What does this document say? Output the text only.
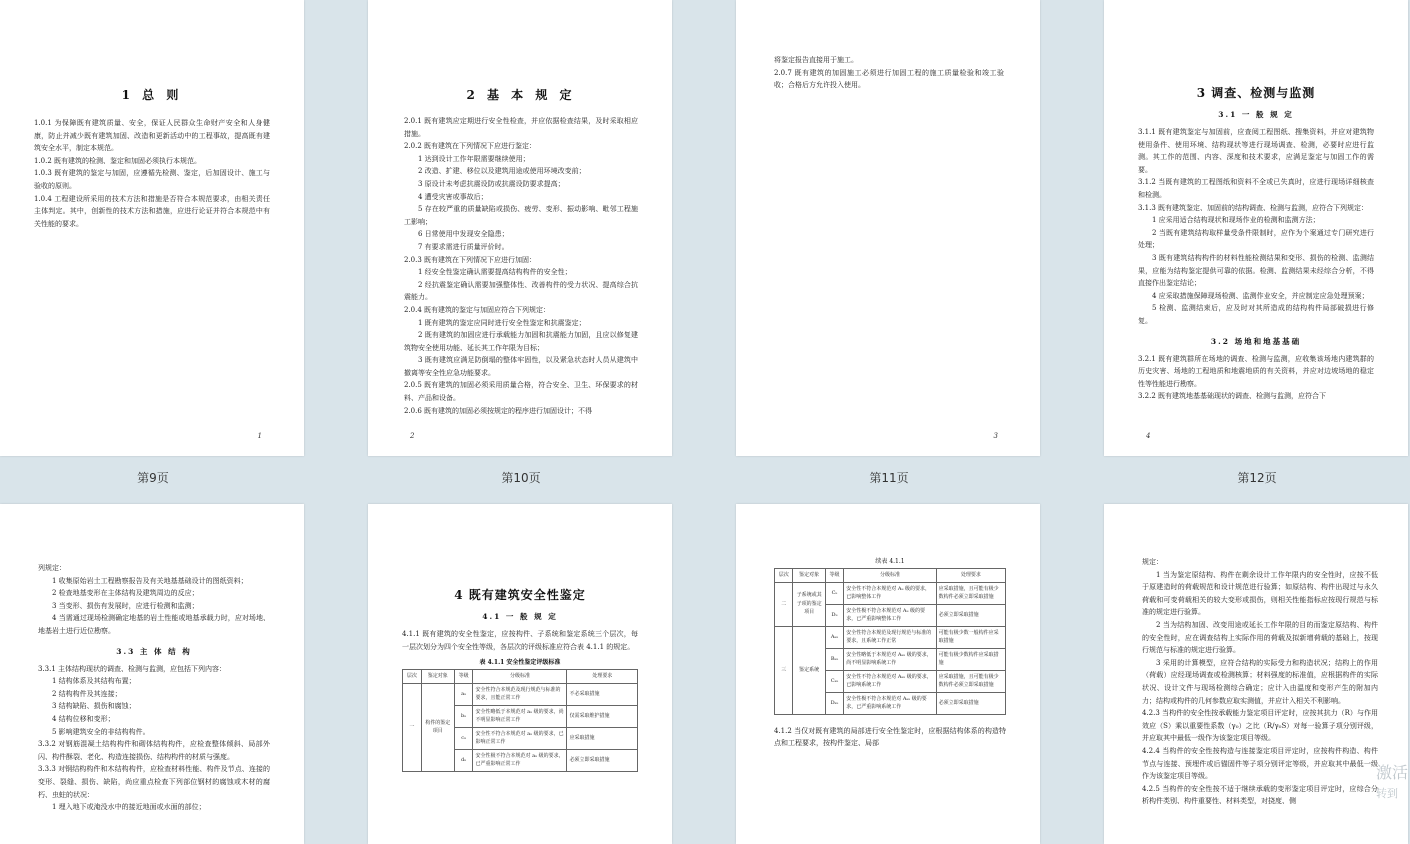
1 总 则

1.0.1 为保障既有建筑质量、安全，保证人民群众生命财产安全和人身健康，防止并减少既有建筑加固、改造和更新活动中的工程事故，提高既有建筑安全水平，制定本规范。

1.0.2 既有建筑的检测、鉴定和加固必须执行本规范。

1.0.3 既有建筑的鉴定与加固，应遵循先检测、鉴定，后加固设计、施工与验收的原则。

1.0.4 工程建设所采用的技术方法和措施是否符合本规范要求，由相关责任主体判定。其中，创新性的技术方法和措施，应进行论证并符合本规范中有关性能的要求。

1
第9页
2 基 本 规 定

2.0.1 既有建筑应定期进行安全性检查，并应依据检查结果，及时采取相应措施。

2.0.2 既有建筑在下列情况下应进行鉴定：

1 达到设计工作年限需要继续使用；

2 改造、扩建、移位以及建筑用途或使用环境改变前；

3 原设计未考虑抗震设防或抗震设防要求提高；

4 遭受灾害或事故后；

5 存在较严重的质量缺陷或损伤、疲劳、变形、振动影响、毗邻工程施工影响；

6 日常使用中发现安全隐患；

7 有要求需进行质量评价时。

2.0.3 既有建筑在下列情况下应进行加固：

1 经安全性鉴定确认需要提高结构构件的安全性；

2 经抗震鉴定确认需要加强整体性、改善构件的受力状况、提高综合抗震能力。

2.0.4 既有建筑的鉴定与加固应符合下列规定：

1 既有建筑的鉴定应同时进行安全性鉴定和抗震鉴定；

2 既有建筑的加固应进行承载能力加固和抗震能力加固，且应以修复建筑物安全使用功能、延长其工作年限为目标；

3 既有建筑应满足防倒塌的整体牢固性，以及紧急状态时人员从建筑中撤离等安全性应急功能要求。

2.0.5 既有建筑的加固必须采用质量合格，符合安全、卫生、环保要求的材料、产品和设备。

2.0.6 既有建筑的加固必须按规定的程序进行加固设计；不得

2
第10页

将鉴定报告直接用于施工。

2.0.7 既有建筑的加固施工必须进行加固工程的施工质量检验和竣工验收；合格后方允许投入使用。

3
第11页
3 调查、检测与监测
3.1 一 般 规 定

3.1.1 既有建筑鉴定与加固前，应查阅工程图纸、搜集资料，并应对建筑物使用条件、使用环境、结构现状等进行现场调查、检测，必要时应进行监测。其工作的范围、内容、深度和技术要求，应满足鉴定与加固工作的需要。

3.1.2 当既有建筑的工程图纸和资料不全或已失真时，应进行现场详细核查和检测。

3.1.3 既有建筑鉴定、加固前的结构调查、检测与监测，应符合下列规定：

1 应采用适合结构现状和现场作业的检测和监测方法；

2 当既有建筑结构取样量受条件限制时，应作为个案通过专门研究进行处理；

3 既有建筑结构构件的材料性能检测结果和变形、损伤的检测、监测结果，应能为结构鉴定提供可靠的依据。检测、监测结果未经综合分析，不得直接作出鉴定结论；

4 应采取措施保障现场检测、监测作业安全，并应制定应急处理预案；

5 检测、监测结束后，应及时对其所造成的结构构件局部破损进行修复。

3.2 场地和地基基础

3.2.1 既有建筑群所在场地的调查、检测与监测，应收集该场地内建筑群的历史灾害、场地的工程地质和地震地质的有关资料，并应对边坡场地的稳定性等性能进行勘察。

3.2.2 既有建筑地基基础现状的调查、检测与监测，应符合下

4
第12页

列规定：

1 收集原始岩土工程勘察报告及有关地基基础设计的图纸资料；

2 检查地基变形在主体结构及建筑周边的反应；

3 当变形、损伤有发展时，应进行检测和监测；

4 当需通过现场检测确定地基的岩土性能或地基承载力时，应对场地、地基岩土进行近位勘察。

3.3 主 体 结 构

3.3.1 主体结构现状的调查、检测与监测，应包括下列内容：

1 结构体系及其结构布置；

2 结构构件及其连接；

3 结构缺陷、损伤和腐蚀；

4 结构位移和变形；

5 影响建筑安全的非结构构件。

3.3.2 对钢筋混凝土结构构件和砌体结构构件，应检查整体倾斜、局部外闪、构件酥裂、老化、构造连接损伤、结构构件的材质与强度。

3.3.3 对钢结构构件和木结构构件，应检查材料性能、构件及节点、连接的变形、裂缝、损伤、缺陷，尚应重点检查下列部位钢材的腐蚀或木材的腐朽、虫蛀的状况：

1 埋入地下或淹没水中的接近地面或水面的部位；

4 既有建筑安全性鉴定
4.1 一 般 规 定

4.1.1 既有建筑的安全性鉴定，应按构件、子系统和鉴定系统三个层次，每一层次划分为四个安全性等级，各层次的评级标准应符合表 4.1.1 的规定。

表 4.1.1 安全性鉴定评级标准
层次	鉴定对象	等级	分级标准	处理要求
一	构件的鉴定项目	aᵤ	安全性符合本规范及现行规范与标准的要求，且能正常工作	不必采取措施
		bᵤ	安全性略低于本规范对 aᵤ 级的要求，尚不明显影响正常工作	仅需采取维护措施
		cᵤ	安全性不符合本规范对 aᵤ 级的要求，已影响正常工作	应采取措施
		dᵤ	安全性极不符合本规范对 aᵤ 级的要求，已严重影响正常工作	必须立即采取措施
续表 4.1.1
层次	鉴定对象	等级	分级标准	处理要求
二	子系统或其子项的鉴定项目	Cᵤ	安全性不符合本规范对 Aᵤ 级的要求，已影响整体工作	应采取措施，且可能有极少数构件必须立即采取措施
		Dᵤ	安全性极不符合本规范对 Aᵤ 级的要求，已严重影响整体工作	必须立即采取措施
三	鉴定系统	Aₛᵤ	安全性符合本规范及现行规范与标准的要求，且系统工作正常	可能有极少数一般构件应采取措施
		Bₛᵤ	安全性略低于本规范对 Aₛᵤ 级的要求，尚不明显影响系统工作	可能有极少数构件应采取措施
		Cₛᵤ	安全性不符合本规范对 Aₛᵤ 级的要求，已影响系统工作	应采取措施，且可能有极少数构件必须立即采取措施
		Dₛᵤ	安全性极不符合本规范对 Aₛᵤ 级的要求，已严重影响系统工作	必须立即采取措施

4.1.2 当仅对既有建筑的局部进行安全性鉴定时，应根据结构体系的构造特点和工程要求，按构件鉴定、局部

规定：

1 当为鉴定原结构、构件在剩余设计工作年限内的安全性时，应按不低于原建造时的荷载规范和设计规范进行验算；如原结构、构件出现过与永久荷载和可变荷载相关的较大变形或损伤，则相关性能指标应按现行规范与标准的规定进行验算。

2 当为结构加固、改变用途或延长工作年限的目的而鉴定原结构、构件的安全性时，应在调查结构上实际作用的荷载及拟新增荷载的基础上，按现行规范与标准的规定进行验算。

3 采用的计算模型，应符合结构的实际受力和构造状况；结构上的作用（荷载）应经现场调查或检测核算；材料强度的标准值，应根据构件的实际状况、设计文件与现场检测综合确定；应计入由温度和变形产生的附加内力；结构或构件的几何参数应取实测值，并应计入相关不利影响。

4.2.3 当构件的安全性按承载能力鉴定项目评定时，应按其抗力（R）与作用效应（S）乘以重要性系数（γ₀）之比（R/γ₀S）对每一验算子项分别评级，并应取其中最低一级作为该鉴定项目等级。

4.2.4 当构件的安全性按构造与连接鉴定项目评定时，应按构件构造、构件节点与连接、预埋件或后锚固件等子项分别评定等级，并应取其中最低一级作为该鉴定项目等级。

4.2.5 当构件的安全性按不适于继续承载的变形鉴定项目评定时，应综合分析构件类别、构件重要性、材料类型，对挠度、侧

激活
转到
